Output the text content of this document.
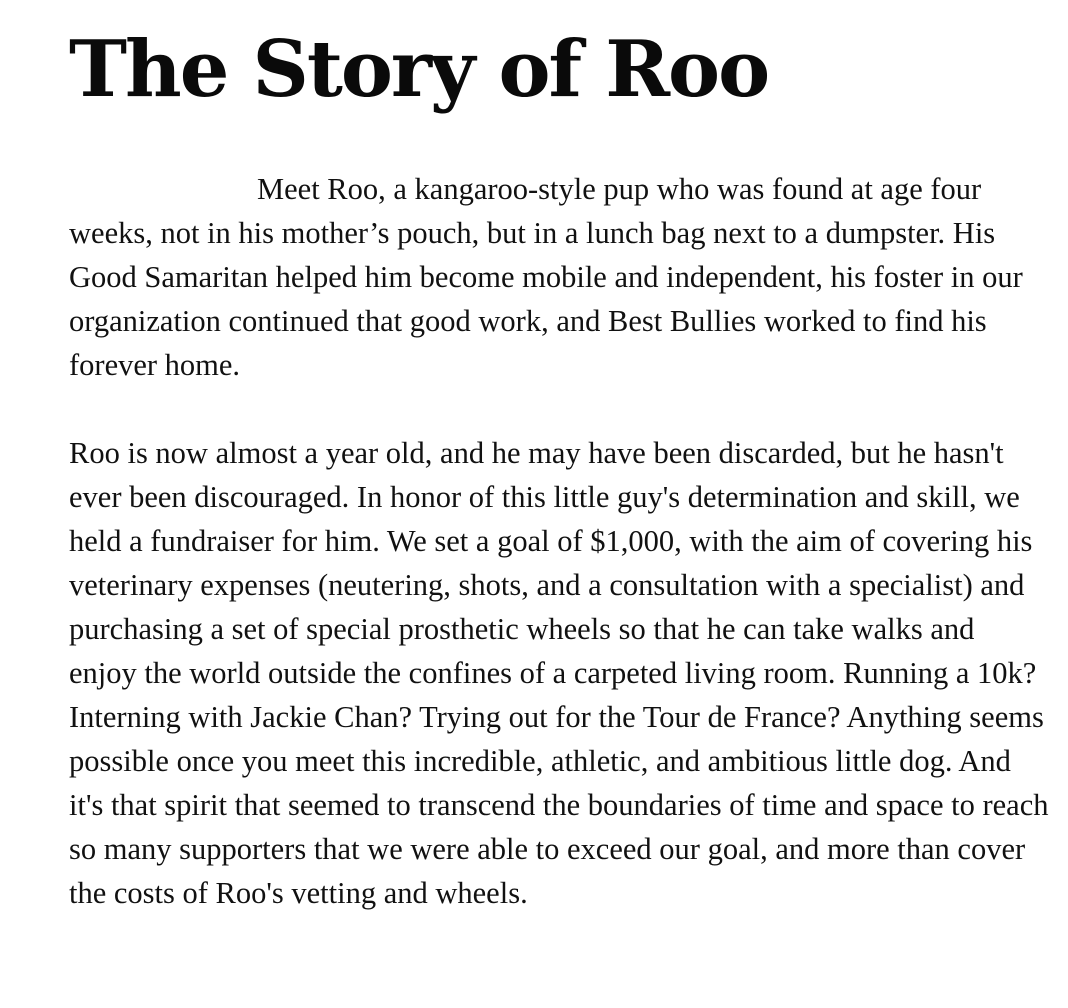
The Story of Roo

Meet Roo, a kangaroo-style pup who was found at age four weeks, not in his mother’s pouch, but in a lunch bag next to a dumpster. His Good Samaritan helped him become mobile and independent, his foster in our organization continued that good work, and Best Bullies worked to find his forever home.

Roo is now almost a year old, and he may have been discarded, but he hasn't ever been discouraged. In honor of this little guy's determination and skill, we held a fundraiser for him. We set a goal of $1,000, with the aim of covering his veterinary expenses (neutering, shots, and a consultation with a specialist) and purchasing a set of special prosthetic wheels so that he can take walks and enjoy the world outside the confines of a carpeted living room. Running a 10k? Interning with Jackie Chan? Trying out for the Tour de France? Anything seems possible once you meet this incredible, athletic, and ambitious little dog. And it's that spirit that seemed to transcend the boundaries of time and space to reach so many supporters that we were able to exceed our goal, and more than cover the costs of Roo's vetting and wheels.
